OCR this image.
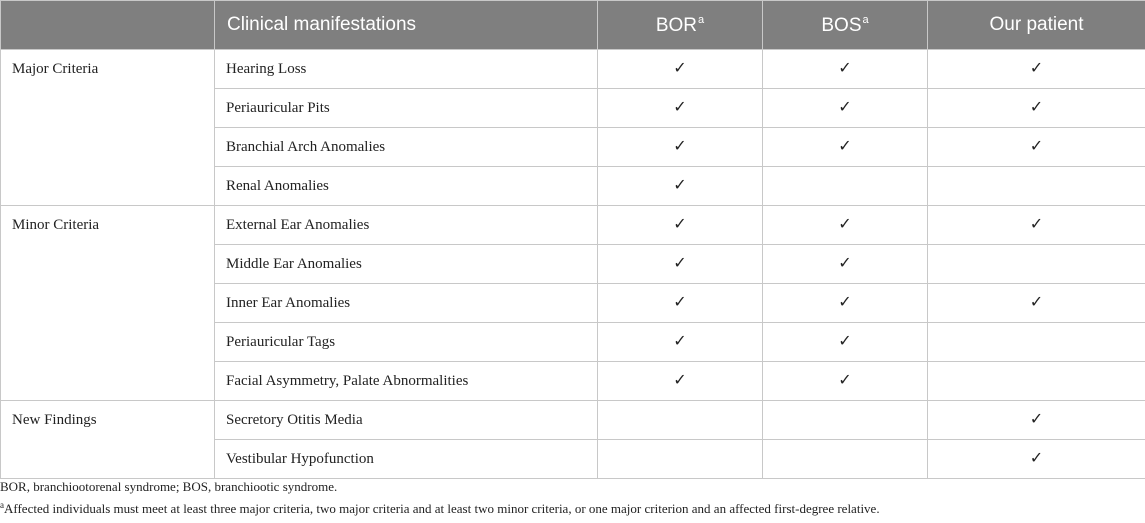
	Clinical manifestations	BOR$^a$	BOS$^a$	Our patient
Major Criteria	Hearing Loss	✓	✓	✓
	Periauricular Pits	✓	✓	✓
	Branchial Arch Anomalies	✓	✓	✓
	Renal Anomalies	✓		
Minor Criteria	External Ear Anomalies	✓	✓	✓
	Middle Ear Anomalies	✓	✓	
	Inner Ear Anomalies	✓	✓	✓
	Periauricular Tags	✓	✓	
	Facial Asymmetry, Palate Abnormalities	✓	✓	
New Findings	Secretory Otitis Media			✓
	Vestibular Hypofunction			✓

BOR, branchiootorenal syndrome; BOS, branchiootic syndrome.

$^a$Affected individuals must meet at least three major criteria, two major criteria and at least two minor criteria, or one major criterion and an affected first-degree relative.
